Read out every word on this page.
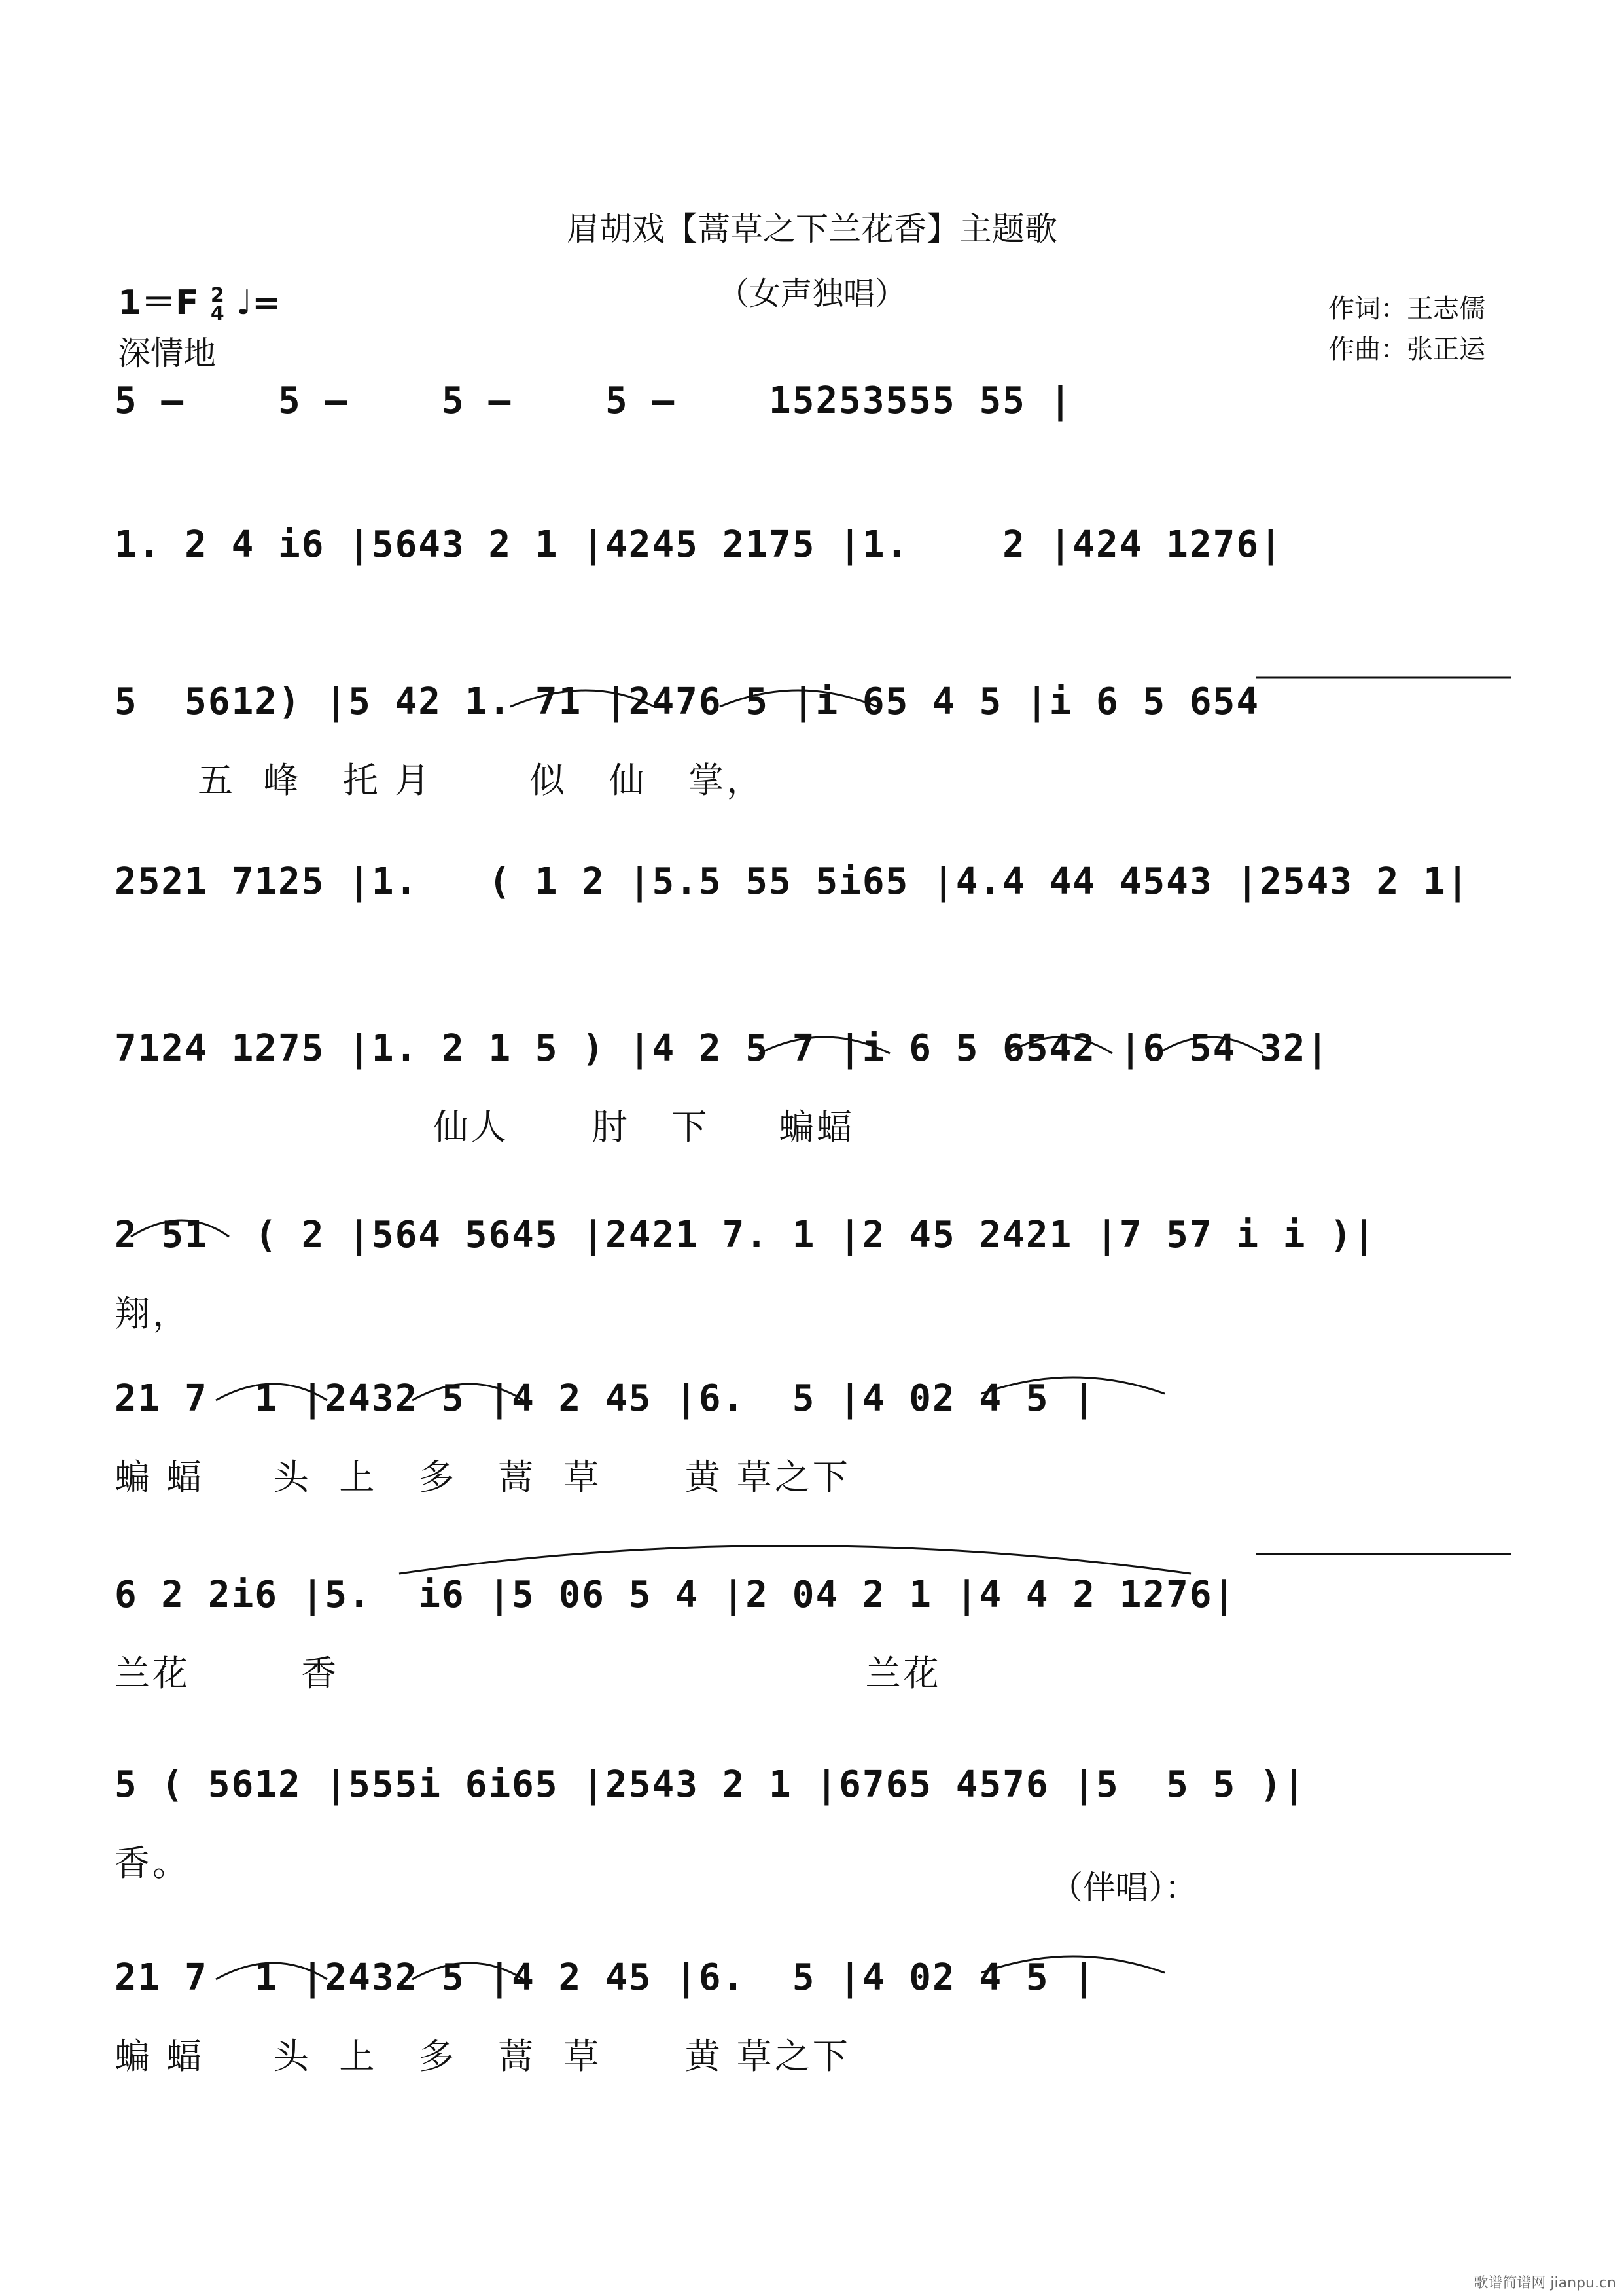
眉胡戏【蒿草之下兰花香】主题歌
（女声独唱）
1＝F 2
4 ♩=
深情地
作词：王志儒
作曲：张正运
5 –    5 –    5 –    5 –    15253555 55 |
1. 2 4 i6 |5643 2 1 |4245 2175 |1.    2 |424 1276|
5  5612) |5 42 1. 71 |2476 5 |i 65 4 5 |i 6 5 654
五  峰   托 月       似   仙   掌，
2521 7125 |1.   ( 1 2 |5.5 55 5i65 |4.4 44 4543 |2543 2 1|
7124 1275 |1. 2 1 5 ) |4 2 5 7 |i 6 5 6542 |6 54 32|
仙人      肘   下     蝙蝠
2 51  ( 2 |564 5645 |2421 7. 1 |2 45 2421 |7 57 i i )|
翔，
21 7  1 |2432 5 |4 2 45 |6.  5 |4 02 4 5 |
蝙 蝠     头  上   多   蒿  草      黄 草之下
6 2 2i6 |5.  i6 |5 06 5 4 |2 04 2 1 |4 4 2 1276|
兰花        香                                      兰花
5 ( 5612 |555i 6i65 |2543 2 1 |6765 4576 |5  5 5 )|
香。
（伴唱）：
21 7  1 |2432 5 |4 2 45 |6.  5 |4 02 4 5 |
蝙 蝠     头  上   多   蒿  草      黄 草之下
歌谱简谱网 jianpu.cn
